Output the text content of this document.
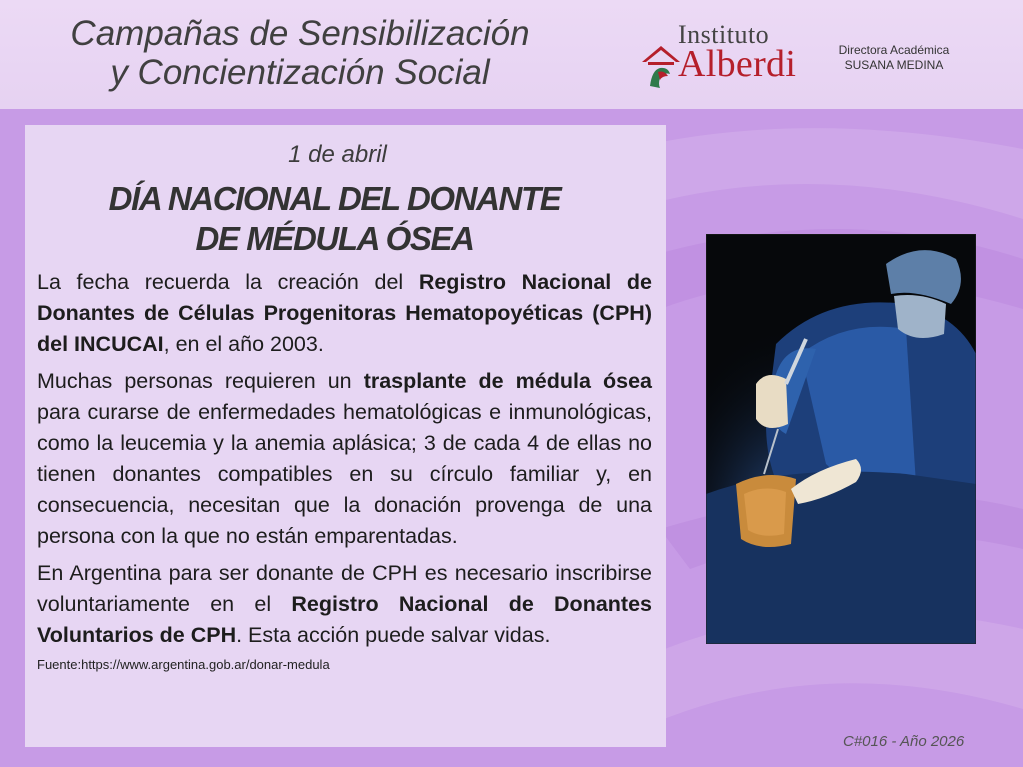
Campañas de Sensibilización
y Concientización Social
Instituto
Alberdi	Directora Académica
SUSANA MEDINA
1 de abril
DÍA NACIONAL DEL DONANTE
DE MÉDULA ÓSEA

La fecha recuerda la creación del Registro Nacional de Donantes de Células Progenitoras Hematopoyéticas (CPH) del INCUCAI, en el año 2003.

Muchas personas requieren un trasplante de médula ósea para curarse de enfermedades hematológicas e inmunológicas, como la leucemia y la anemia aplásica; 3 de cada 4 de ellas no tienen donantes compatibles en su círculo familiar y, en consecuencia, necesitan que la donación provenga de una persona con la que no están emparentadas.

En Argentina para ser donante de CPH es necesario inscribirse voluntariamente en el Registro Nacional de Donantes Voluntarios de CPH. Esta acción puede salvar vidas.

Fuente:https://www.argentina.gob.ar/donar-medula
C#016 - Año 2026
